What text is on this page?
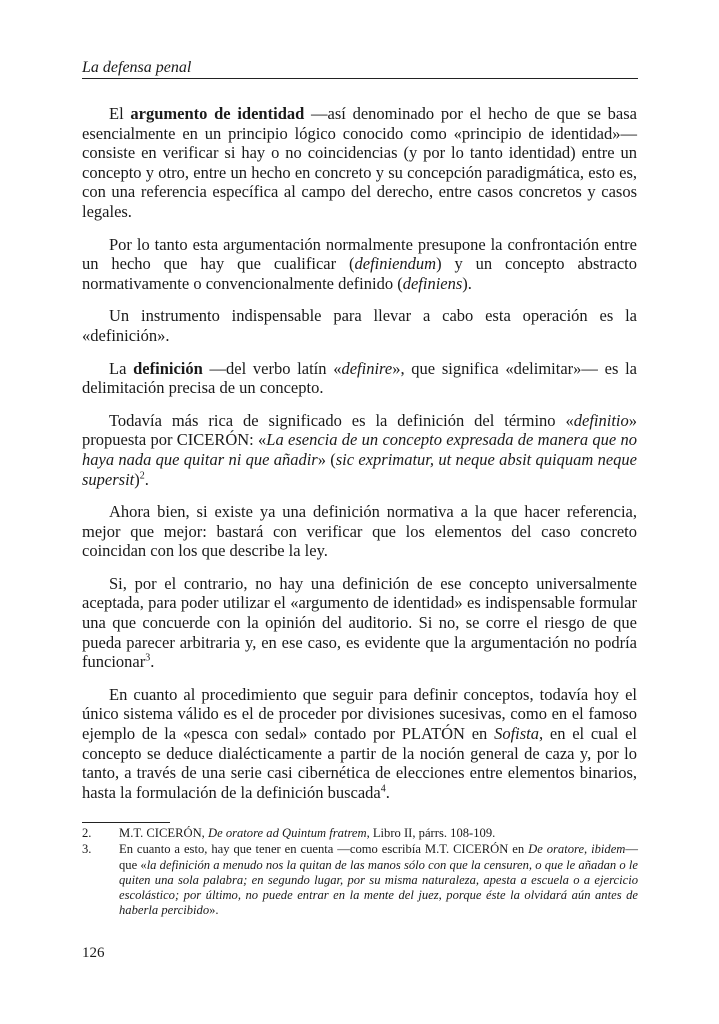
La defensa penal

El argumento de identidad —así denominado por el hecho de que se basa esencialmente en un principio lógico conocido como «principio de identidad»— consiste en verificar si hay o no coincidencias (y por lo tanto identidad) entre un concepto y otro, entre un hecho en concreto y su concepción paradigmática, esto es, con una referencia específica al campo del derecho, entre casos concretos y casos legales.

Por lo tanto esta argumentación normalmente presupone la confrontación entre un hecho que hay que cualificar (definiendum) y un concepto abstracto normativamente o convencionalmente definido (definiens).

Un instrumento indispensable para llevar a cabo esta operación es la «definición».

La definición —del verbo latín «definire», que significa «delimitar»— es la delimitación precisa de un concepto.

Todavía más rica de significado es la definición del término «definitio» propuesta por CICERÓN: «La esencia de un concepto expresada de manera que no haya nada que quitar ni que añadir» (sic exprimatur, ut neque absit quiquam neque supersit)$^2$.

Ahora bien, si existe ya una definición normativa a la que hacer referencia, mejor que mejor: bastará con verificar que los elementos del caso concreto coincidan con los que describe la ley.

Si, por el contrario, no hay una definición de ese concepto universalmente aceptada, para poder utilizar el «argumento de identidad» es indispensable formular una que concuerde con la opinión del auditorio. Si no, se corre el riesgo de que pueda parecer arbitraria y, en ese caso, es evidente que la argumentación no podría funcionar$^3$.

En cuanto al procedimiento que seguir para definir conceptos, todavía hoy el único sistema válido es el de proceder por divisiones sucesivas, como en el famoso ejemplo de la «pesca con sedal» contado por PLATÓN en Sofista, en el cual el concepto se deduce dialécticamente a partir de la noción general de caza y, por lo tanto, a través de una serie casi cibernética de elecciones entre elementos binarios, hasta la formulación de la definición buscada$^4$.

2.	M.T. CICERÓN, De oratore ad Quintum fratrem, Libro II, párrs. 108-109.
3.	En cuanto a esto, hay que tener en cuenta —como escribía M.T. CICERÓN en De oratore, ibidem— que «la definición a menudo nos la quitan de las manos sólo con que la censuren, o que le añadan o le quiten una sola palabra; en segundo lugar, por su misma naturaleza, apesta a escuela o a ejercicio escolástico; por último, no puede entrar en la mente del juez, porque éste la olvidará aún antes de haberla percibido».
126
